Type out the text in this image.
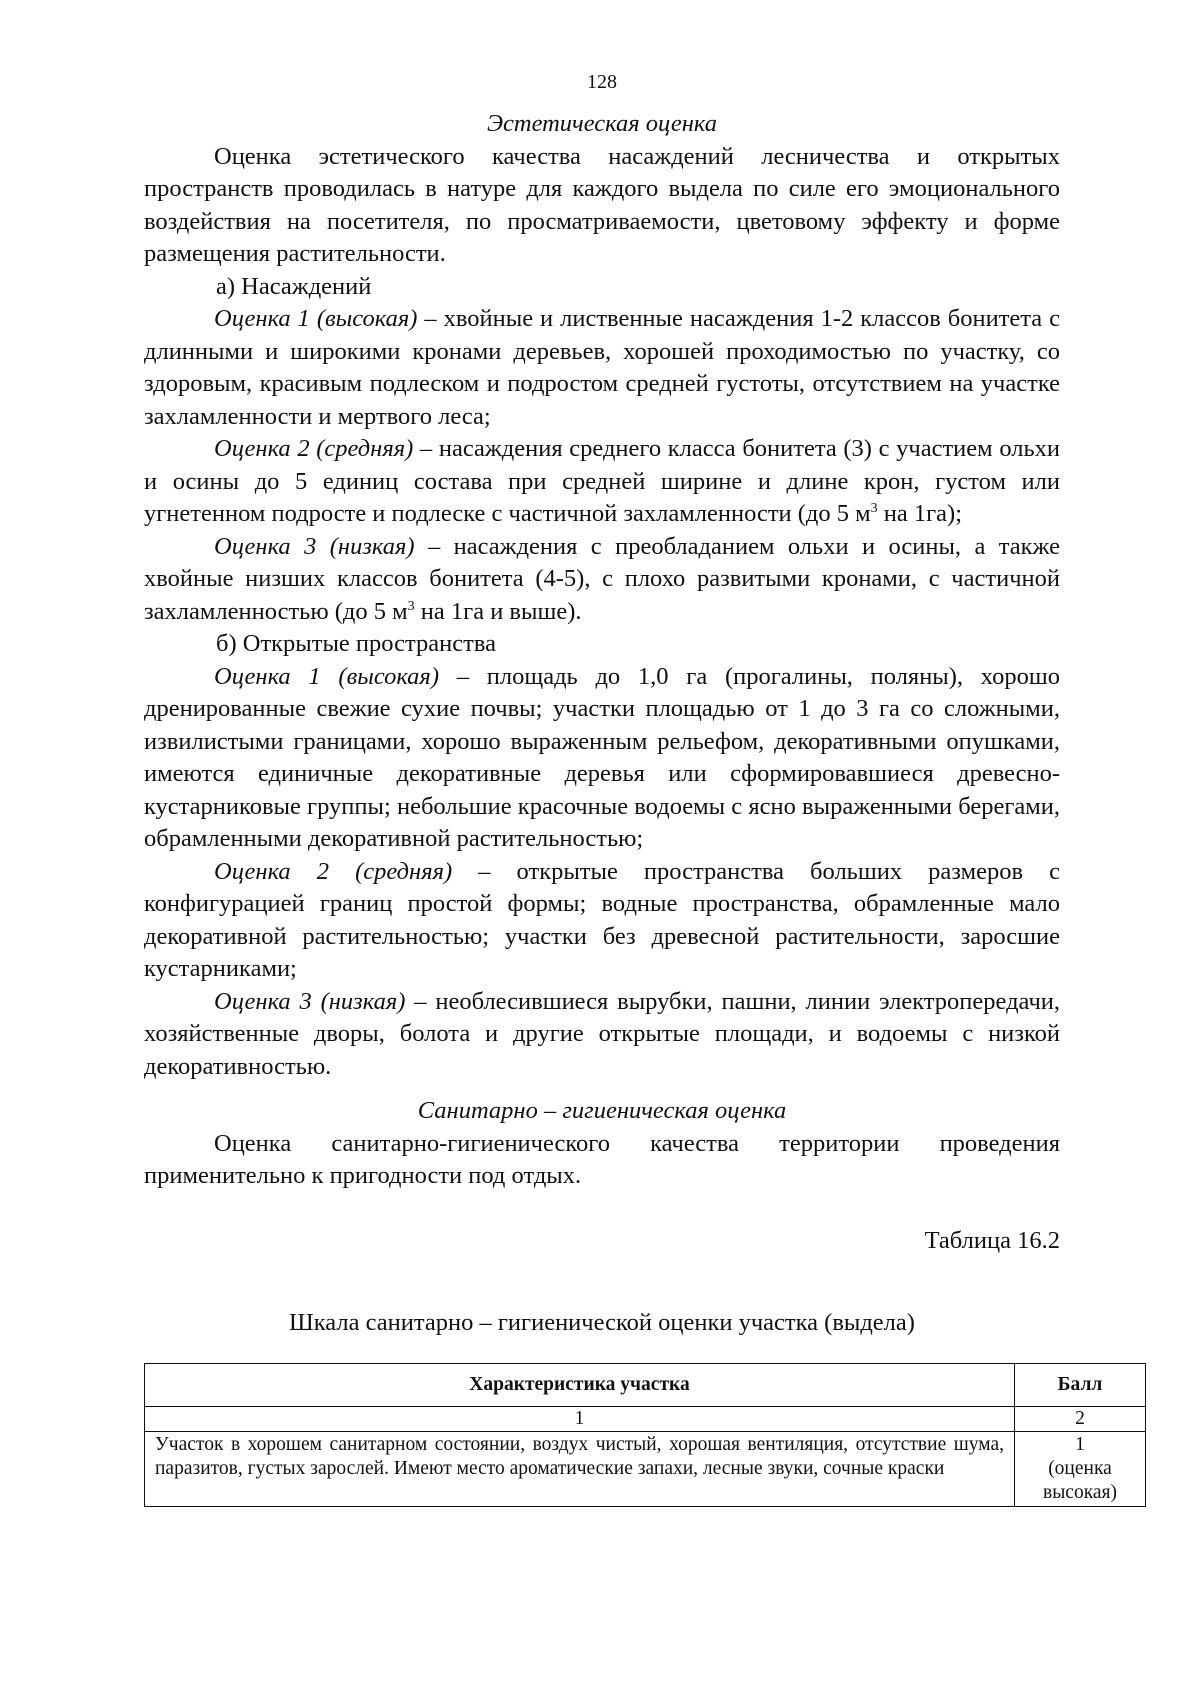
128
Эстетическая оценка

Оценка эстетического качества насаждений лесничества и открытых пространств проводилась в натуре для каждого выдела по силе его эмоционального воздействия на посетителя, по просматриваемости, цветовому эффекту и форме размещения растительности.

а) Насаждений

Оценка 1 (высокая) – хвойные и лиственные насаждения 1-2 классов бонитета с длинными и широкими кронами деревьев, хорошей проходимостью по участку, со здоровым, красивым подлеском и подростом средней густоты, отсутствием на участке захламленности и мертвого леса;

Оценка 2 (средняя) – насаждения среднего класса бонитета (3) с участием ольхи и осины до 5 единиц состава при средней ширине и длине крон, густом или угнетенном подросте и подлеске с частичной захламленности (до 5 $м^3$ на 1га);

Оценка 3 (низкая) – насаждения с преобладанием ольхи и осины, а также хвойные низших классов бонитета (4-5), с плохо развитыми кронами, с частичной захламленностью (до 5 $м^3$ на 1га и выше).

б) Открытые пространства

Оценка 1 (высокая) – площадь до 1,0 га (прогалины, поляны), хорошо дренированные свежие сухие почвы; участки площадью от 1 до 3 га со сложными, извилистыми границами, хорошо выраженным рельефом, декоративными опушками, имеются единичные декоративные деревья или сформировавшиеся древесно-кустарниковые группы; небольшие красочные водоемы с ясно выраженными берегами, обрамленными декоративной растительностью;

Оценка 2 (средняя) – открытые пространства больших размеров с конфигурацией границ простой формы; водные пространства, обрамленные мало декоративной растительностью; участки без древесной растительности, заросшие кустарниками;

Оценка 3 (низкая) – необлесившиеся вырубки, пашни, линии электропередачи, хозяйственные дворы, болота и другие открытые площади, и водоемы с низкой декоративностью.

Санитарно – гигиеническая оценка

Оценка санитарно-гигиенического качества территории проведения применительно к пригодности под отдых.

Таблица 16.2
Шкала санитарно – гигиенической оценки участка (выдела)
Характеристика участка	Балл
1	2
Участок в хорошем санитарном состоянии, воздух чистый, хорошая вентиляция, отсутствие шума, паразитов, густых зарослей. Имеют место ароматические запахи, лесные звуки, сочные краски	1
(оценка
высокая)
